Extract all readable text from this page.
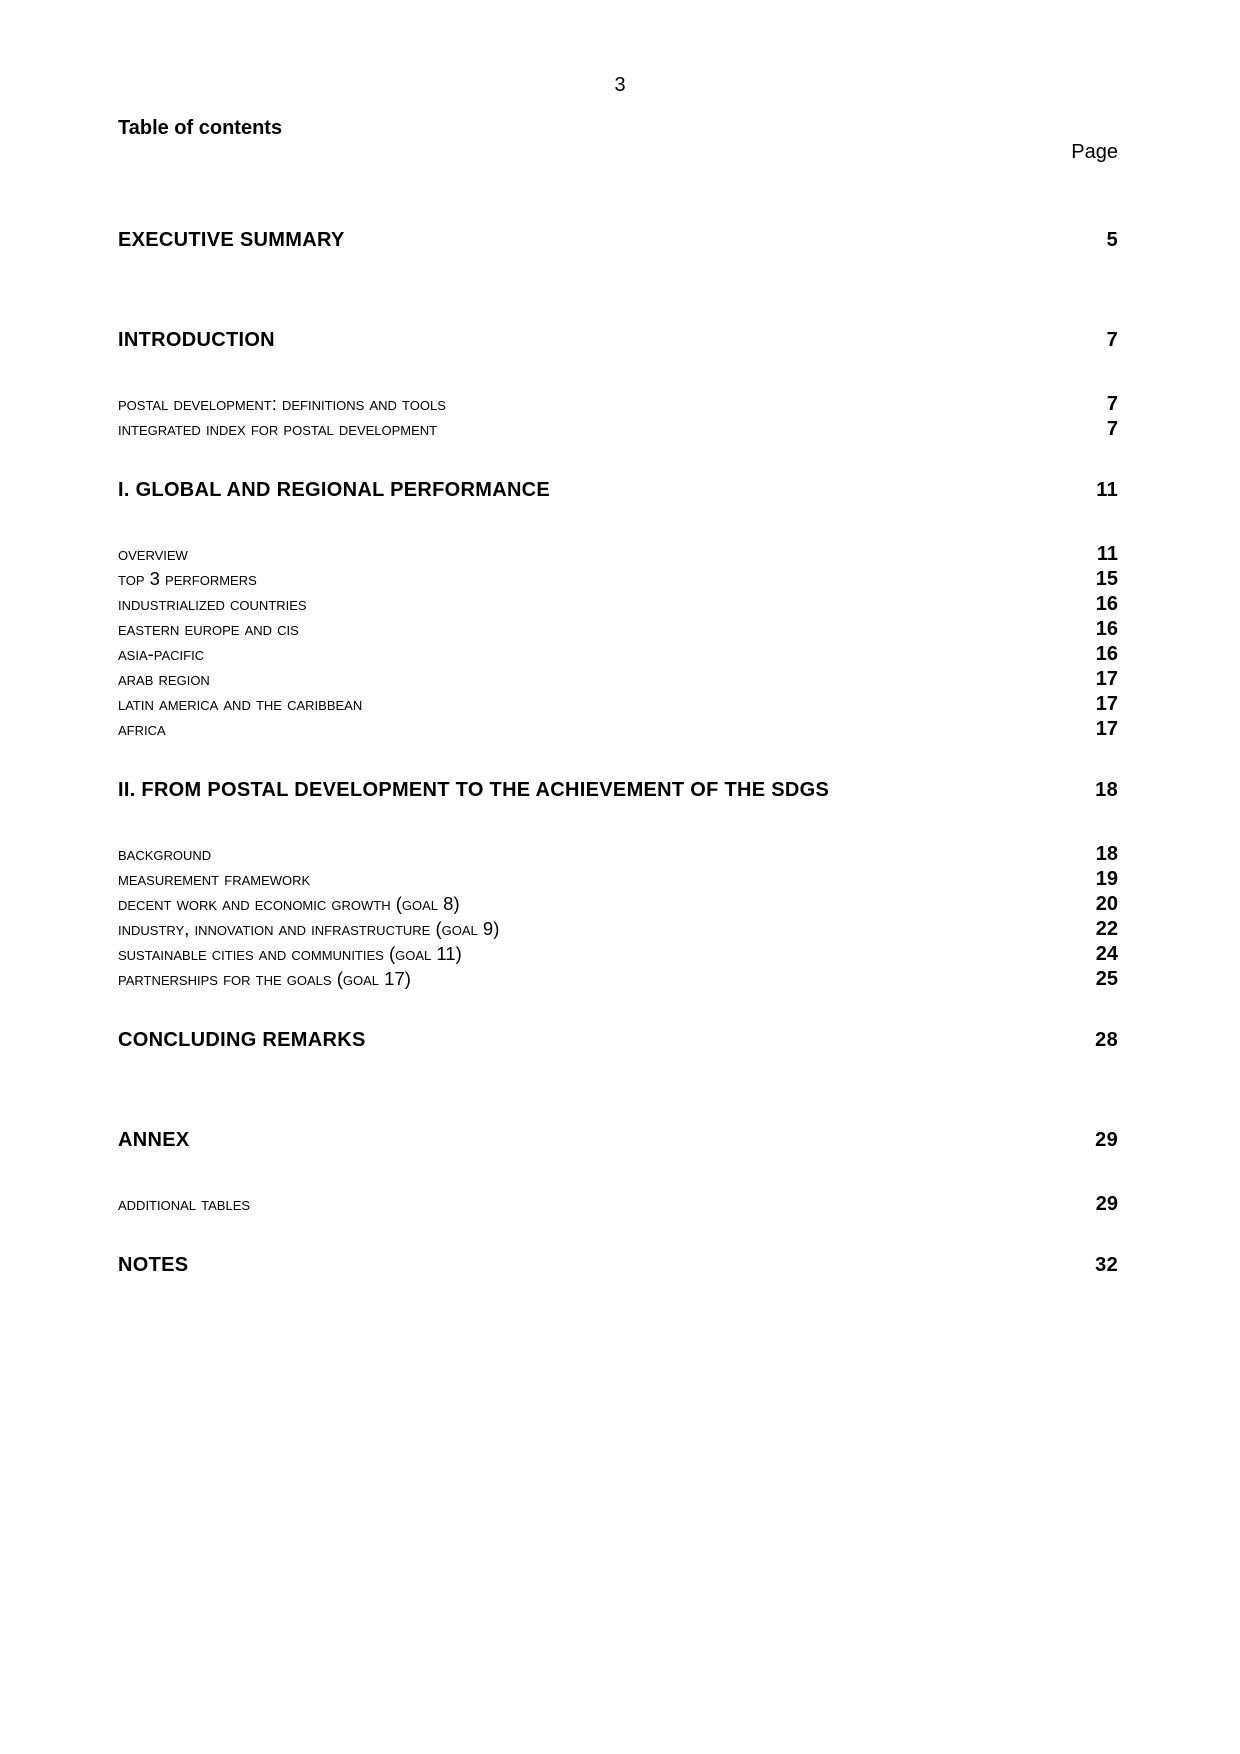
3
Table of contents
Page
EXECUTIVE SUMMARY	5
INTRODUCTION	7
postal development: definitions and tools	7
integrated index for postal development	7
I. GLOBAL AND REGIONAL PERFORMANCE	11
overview	11
top 3 performers	15
industrialized countries	16
eastern europe and cis	16
asia-pacific	16
arab region	17
latin america and the caribbean	17
africa	17
II. FROM POSTAL DEVELOPMENT TO THE ACHIEVEMENT OF THE SDGS	18
background	18
measurement framework	19
decent work and economic growth (goal 8)	20
industry, innovation and infrastructure (goal 9)	22
sustainable cities and communities (goal 11)	24
partnerships for the goals (goal 17)	25
CONCLUDING REMARKS	28
ANNEX	29
additional tables	29
NOTES	32
